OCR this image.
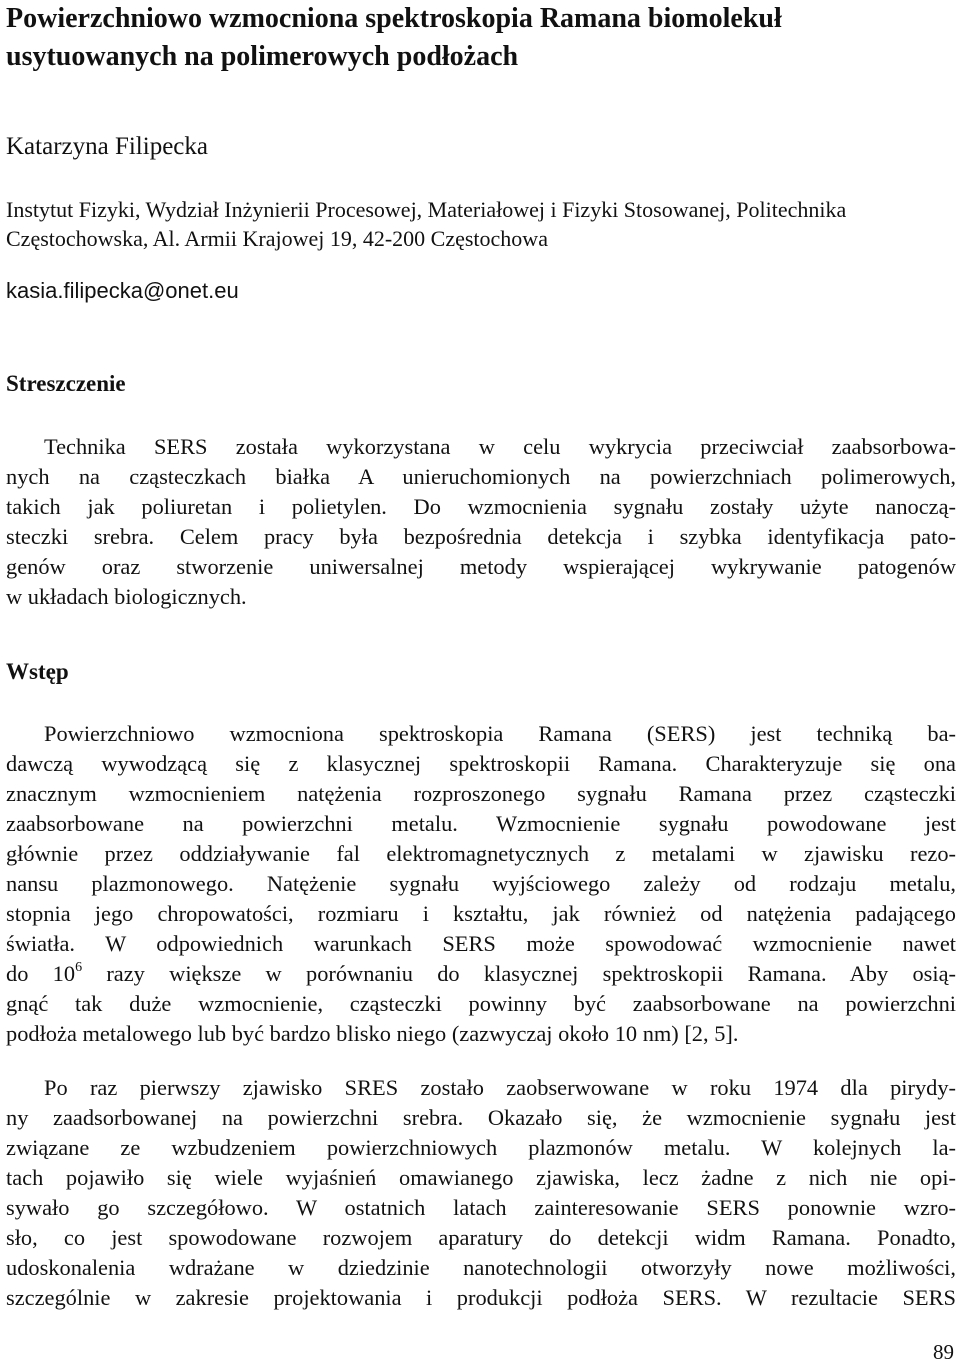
Powierzchniowo wzmocniona spektroskopia Ramana biomolekuł usytuowanych na polimerowych podłożach

Katarzyna Filipecka

Instytut Fizyki, Wydział Inżynierii Procesowej, Materiałowej i Fizyki Stosowanej, Politechnika Częstochowska, Al. Armii Krajowej 19, 42-200 Częstochowa

kasia.filipecka@onet.eu

Streszczenie
Technika SERS została wykorzystana w celu wykrycia przeciwciał zaabsorbowa-
nych na cząsteczkach białka A unieruchomionych na powierzchniach polimerowych,
takich jak poliuretan i polietylen. Do wzmocnienia sygnału zostały użyte nanoczą-
steczki srebra. Celem pracy była bezpośrednia detekcja i szybka identyfikacja pato-
genów oraz stworzenie uniwersalnej metody wspierającej wykrywanie patogenów
w układach biologicznych.
Wstęp
Powierzchniowo wzmocniona spektroskopia Ramana (SERS) jest techniką ba-
dawczą wywodzącą się z klasycznej spektroskopii Ramana. Charakteryzuje się ona
znacznym wzmocnieniem natężenia rozproszonego sygnału Ramana przez cząsteczki
zaabsorbowane na powierzchni metalu. Wzmocnienie sygnału powodowane jest
głównie przez oddziaływanie fal elektromagnetycznych z metalami w zjawisku rezo-
nansu plazmonowego. Natężenie sygnału wyjściowego zależy od rodzaju metalu,
stopnia jego chropowatości, rozmiaru i kształtu, jak również od natężenia padającego
światła. W odpowiednich warunkach SERS może spowodować wzmocnienie nawet
do $10^6$ razy większe w porównaniu do klasycznej spektroskopii Ramana. Aby osią-
gnąć tak duże wzmocnienie, cząsteczki powinny być zaabsorbowane na powierzchni
podłoża metalowego lub być bardzo blisko niego (zazwyczaj około 10 nm) [2, 5].
Po raz pierwszy zjawisko SRES zostało zaobserwowane w roku 1974 dla pirydy-
ny zaadsorbowanej na powierzchni srebra. Okazało się, że wzmocnienie sygnału jest
związane ze wzbudzeniem powierzchniowych plazmonów metalu. W kolejnych la-
tach pojawiło się wiele wyjaśnień omawianego zjawiska, lecz żadne z nich nie opi-
sywało go szczegółowo. W ostatnich latach zainteresowanie SERS ponownie wzro-
sło, co jest spowodowane rozwojem aparatury do detekcji widm Ramana. Ponadto,
udoskonalenia wdrażane w dziedzinie nanotechnologii otworzyły nowe możliwości,
szczególnie w zakresie projektowania i produkcji podłoża SERS. W rezultacie SERS
89
